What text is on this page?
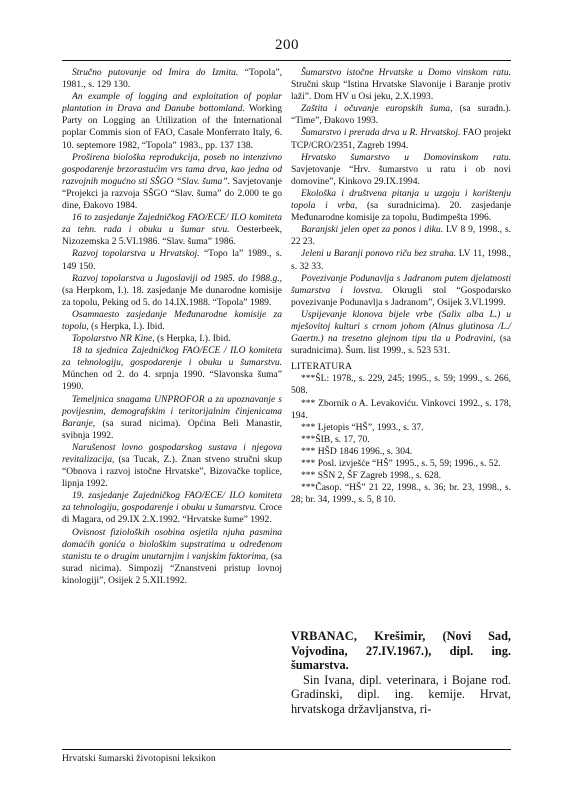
200

Stručno putovanje od Imira do Izmita. “Topola”, 1981., s. 129 130.

An example of logging and exploitation of poplar plantation in Drava and Danube bottomland. Working Party on Logging an Utilization of the International poplar Commis sion of FAO, Casale Monferrato Italy, 6. 10. septemore 1982, “Topola” 1983., pp. 137 138.

Proširena biološka reprodukcija, poseb no intenzivno gospodarenje brzorastućim vrs tama drva, kao jedna od razvojnih mogućno sti SŠGO “Slav. šuma”. Savjetovanje “Projekci ja razvoja SŠGO “Slav. šuma” do 2.000 te go dine, Đakovo 1984.

16 to zasjedanje Zajedničkog FAO/ECE/ ILO komiteta za tehn. rada i obuku u šumar stvu. Oesterbeek, Nizozemska 2 5.VI.1986. “Slav. šuma” 1986.

Razvoj topolarstva u Hrvatskoj. “Topo la” 1989., s. 149 150.

Razvoj topolarstva u Jugoslaviji od 1985. do 1988.g., (sa Herpkom, I.). 18. zasjedanje Me dunarodne komisije za topolu, Peking od 5. do 14.IX.1988. “Topola” 1989.

Osamnaesto zasjedanje Međunarodne komisije za topolu, (s Herpka, I.). Ibid.

Topolarstvo NR Kine, (s Herpka, I.). Ibid.

18 ta sjednica Zajedničkog FAO/ECE / ILO komiteta za tehnologiju, gospodarenje i obuku u šumarstvu. München od 2. do 4. srpnja 1990. “Slavonska šuma” 1990.

Temeljnica snagama UNPROFOR a za upoznavanje s povijesnim, demografskim i teritorijalnim činjenicama Baranje, (sa surad nicima). Općina Beli Manastir, svibnja 1992.

Narušenost lovno gospodarskog sustava i njegova revitalizacija, (sa Tucak, Z.). Znan stveno stručni skup “Obnova i razvoj istočne Hrvatske”, Bizovačke toplice, lipnja 1992.

19. zasjedanje Zajedničkog FAO/ECE/ ILO komiteta za tehnologiju, gospodarenje i obuku u šumarstvu. Croce di Magara, od 29.IX 2.X.1992. “Hrvatske šume” 1992.

Ovisnost fizioloških osobina osjetila njuha pasmina domaćih gonića o biološkim supstratima u određenom stanistu te o drugim unutarnjim i vanjskim faktorima, (sa surad nicima). Simpozij “Znanstveni pristup lovnoj kinologiji”, Osijek 2 5.XII.1992.

Šumarstvo istočne Hrvatske u Domo vinskom ratu. Stručni skup “Istina Hrvatske Slavonije i Baranje protiv laži”. Dom HV u Osi jeku, 2.X.1993.

Zaštita i očuvanje europskih šuma, (sa suradn.). “Time”, Đakovo 1993.

Šumarstvo i prerada drva u R. Hrvatskoj. FAO projekt TCP/CRO/2351, Zagreb 1994.

Hrvatsko šumarstvo u Domovinskom ratu. Savjetovanje “Hrv. šumarstvo u ratu i ob novi domovine”, Kinkovo 29.IX.1994.

Ekološka i društvena pitanja u uzgoju i korištenju topola i vrba, (sa suradnicima). 20. zasjedanje Međunarodne komisije za topolu, Budimpešta 1996.

Baranjski jelen opet za ponos i diku. LV 8 9, 1998., s. 22 23.

Jeleni u Baranji ponovo riču bez straha. LV 11, 1998., s. 32 33.

Povezivanje Podunavlja s Jadranom putem djelatnosti šumarstva i lovstva. Okrugli stol “Gospodarsko povezivanje Podunavlja s Jadranom”, Osijek 3.VI.1999.

Uspijevanje klonova bijele vrbe (Salix alba L.) u mješovitoj kulturi s crnom johom (Alnus glutinosa /L./ Gaertn.) na tresetno glejnom tipu tla u Podravini, (sa suradnicima). Šum. list 1999., s. 523 531.

LITERATURA

***ŠL: 1978., s. 229, 245; 1995., s. 59; 1999., s. 266, 508.

*** Zbornik o A. Levakoviću. Vinkovci 1992., s. 178, 194.

*** Ljetopis “HŠ”, 1993., s. 37.

***ŠIB, s. 17, 70.

*** HŠD 1846 1996., s. 304.

*** Posl. izvješće “HŠ” 1995., s. 5, 59; 1996., s. 52.

*** SŠN 2, ŠF Zagreb 1998., s. 628.

***Časop. “HŠ” 21 22, 1998., s. 36; br. 23, 1998., s. 28; br. 34, 1999., s. 5, 8 10.

VRBANAC, Krešimir, (Novi Sad, Vojvodina, 27.IV.1967.), dipl. ing. šumarstva.

Sin Ivana, dipl. veterinara, i Bojane rođ. Gradinski, dipl. ing. kemije. Hrvat, hrvatskoga državljanstva, ri-

Hrvatski šumarski životopisni leksikon
